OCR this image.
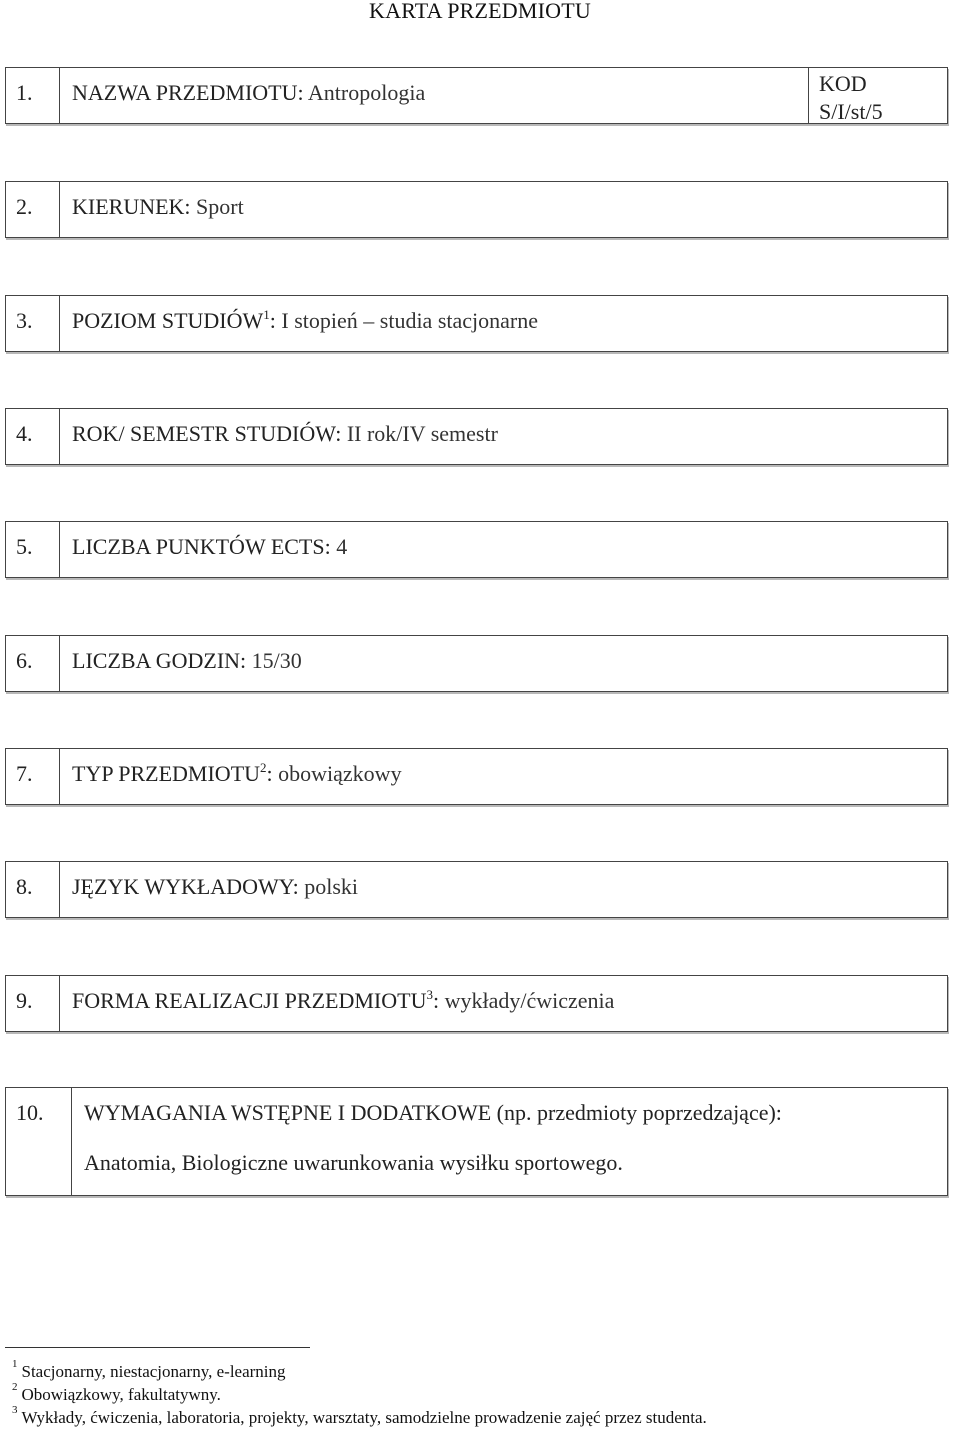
KARTA PRZEDMIOTU
1.	NAZWA PRZEDMIOTU: Antropologia	KOD
S/I/st/5
2.	KIERUNEK: Sport
3.	POZIOM STUDIÓW$^1$: I stopień – studia stacjonarne
4.	ROK/ SEMESTR STUDIÓW: II rok/IV semestr
5.	LICZBA PUNKTÓW ECTS: 4
6.	LICZBA GODZIN: 15/30
7.	TYP PRZEDMIOTU$^2$: obowiązkowy
8.	JĘZYK WYKŁADOWY: polski
9.	FORMA REALIZACJI PRZEDMIOTU$^3$: wykłady/ćwiczenia
10.	WYMAGANIA WSTĘPNE I DODATKOWE (np. przedmioty poprzedzające):
Anatomia, Biologiczne uwarunkowania wysiłku sportowego.
$^1$ Stacjonarny, niestacjonarny, e-learning
$^2$ Obowiązkowy, fakultatywny.
$^3$ Wykłady, ćwiczenia, laboratoria, projekty, warsztaty, samodzielne prowadzenie zajęć przez studenta.
